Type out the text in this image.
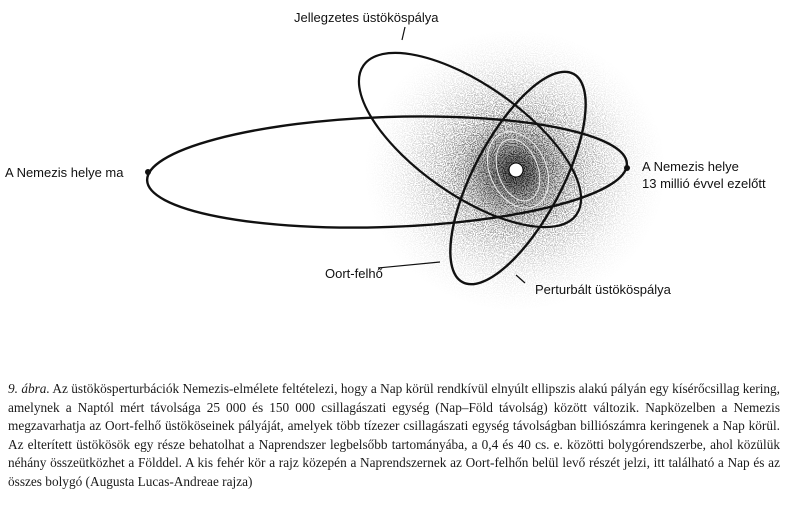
Jellegzetes üstököspálya
A Nemezis helye ma	A Nemezis helye
13 millió évvel ezelőtt
Oort-felhő
Perturbált üstököspálya

9. ábra. Az üstökösperturbációk Nemezis-elmélete feltételezi, hogy a Nap körül rendkívül elnyúlt ellipszis alakú pályán egy kísérőcsillag kering, amelynek a Naptól mért távolsága 25 000 és 150 000 csillagászati egység (Nap–Föld távolság) között változik. Napközelben a Nemezis megzavarhatja az Oort-felhő üstököseinek pályáját, amelyek több tízezer csillagászati egység távolságban billiószámra keringenek a Nap körül. Az elterített üstökösök egy része behatolhat a Naprendszer legbelsőbb tartományába, a 0,4 és 40 cs. e. közötti bolygórendszerbe, ahol közülük néhány összeütközhet a Földdel. A kis fehér kör a rajz közepén a Naprendszernek az Oort-felhőn belül levő részét jelzi, itt található a Nap és az összes bolygó (Augusta Lucas-Andreae rajza)
